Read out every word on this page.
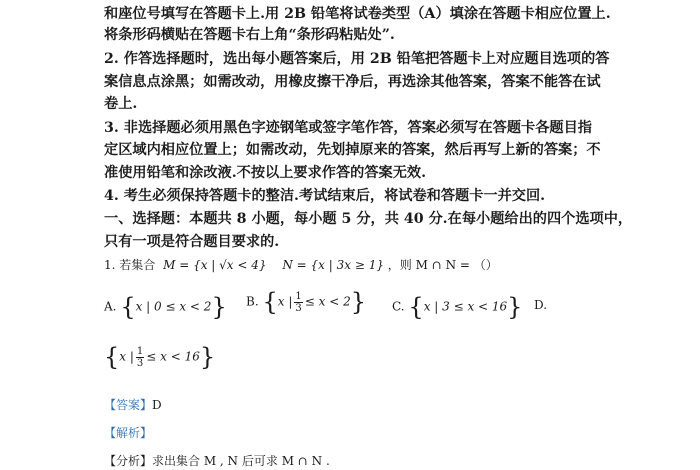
和座位号填写在答题卡上.用 2B 铅笔将试卷类型（A）填涂在答题卡相应位置上.
将条形码横贴在答题卡右上角“条形码粘贴处”.
2. 作答选择题时，选出每小题答案后，用 2B 铅笔把答题卡上对应题目选项的答
案信息点涂黑；如需改动，用橡皮擦干净后，再选涂其他答案，答案不能答在试
卷上.
3. 非选择题必须用黑色字迹钢笔或签字笔作答，答案必须写在答题卡各题目指
定区域内相应位置上；如需改动，先划掉原来的答案，然后再写上新的答案；不
准使用铅笔和涂改液.不按以上要求作答的答案无效.
4. 考生必须保持答题卡的整洁.考试结束后，将试卷和答题卡一并交回.
一、选择题：本题共 8 小题，每小题 5 分，共 40 分.在每小题给出的四个选项中，
只有一项是符合题目要求的.
1. 若集合 M = {x | √x < 4} N = {x | 3x ≥ 1} ，则 M ∩ N = （）
A. {x | 0 ≤ x < 2} B. {x | $\frac{1}{3} \le x < 2$} C. {x | 3 ≤ x < 16} D.
{x | $\frac{1}{3} \le x < 16$}
【答案】D
【解析】
【分析】求出集合 M , N 后可求 M ∩ N .
